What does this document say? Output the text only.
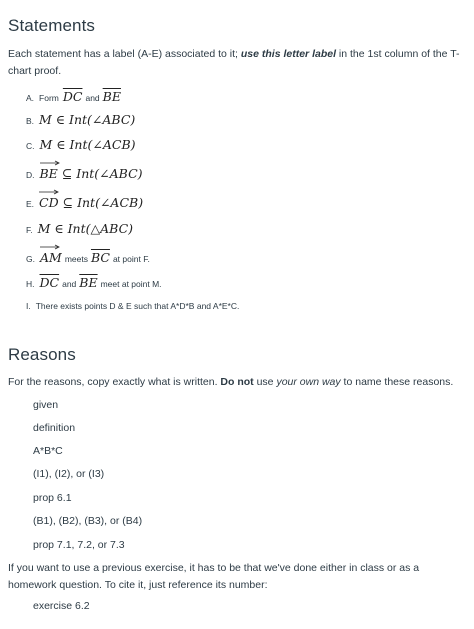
Statements

Each statement has a label (A-E) associated to it; use this letter label in the 1st column of the T-chart proof.

A. Form $\overline{DC}$ and $\overline{BE}$
B. M ∈ Int(∠ABC)
C. M ∈ Int(∠ACB)
D. BE ⊆ Int(∠ABC)
E. CD ⊆ Int(∠ACB)
F. M ∈ Int(△ABC)
G. AM meets $\overline{BC}$ at point F.
H. $\overline{DC}$ and $\overline{BE}$ meet at point M.
I. There exists points D & E such that A*D*B and A*E*C.
Reasons

For the reasons, copy exactly what is written. Do not use your own way to name these reasons.

given
definition
A*B*C
(I1), (I2), or (I3)
prop 6.1
(B1), (B2), (B3), or (B4)
prop 7.1, 7.2, or 7.3

If you want to use a previous exercise, it has to be that we've done either in class or as a homework question. To cite it, just reference its number:

exercise 6.2
